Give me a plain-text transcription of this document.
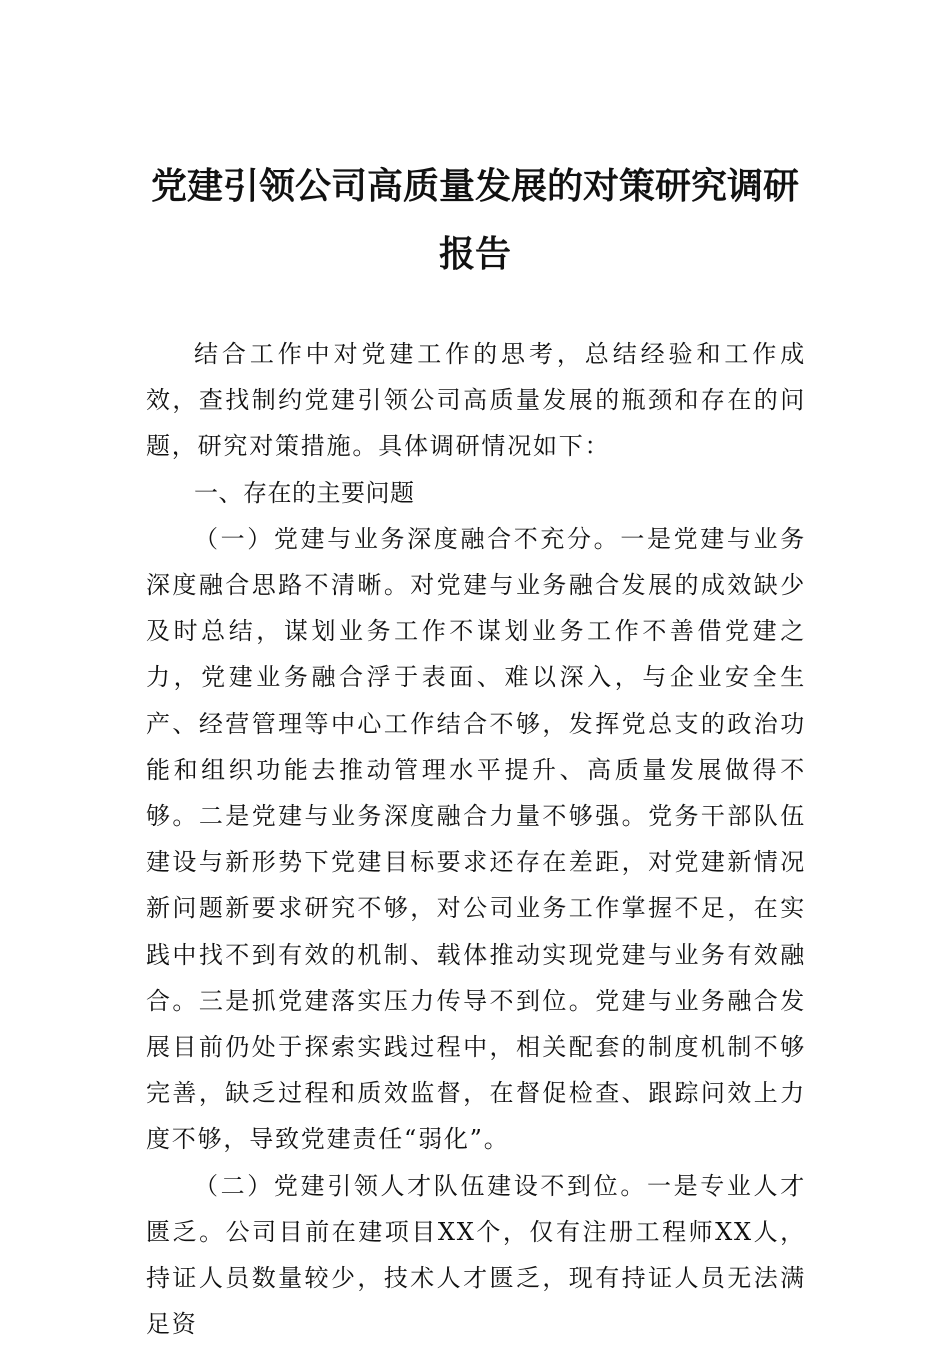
党建引领公司高质量发展的对策研究调研报告

结合工作中对党建工作的思考，总结经验和工作成效，查找制约党建引领公司高质量发展的瓶颈和存在的问题，研究对策措施。具体调研情况如下：

一、存在的主要问题

（一）党建与业务深度融合不充分。一是党建与业务深度融合思路不清晰。对党建与业务融合发展的成效缺少及时总结，谋划业务工作不谋划业务工作不善借党建之力，党建业务融合浮于表面、难以深入，与企业安全生产、经营管理等中心工作结合不够，发挥党总支的政治功能和组织功能去推动管理水平提升、高质量发展做得不够。二是党建与业务深度融合力量不够强。党务干部队伍建设与新形势下党建目标要求还存在差距，对党建新情况新问题新要求研究不够，对公司业务工作掌握不足，在实践中找不到有效的机制、载体推动实现党建与业务有效融合。三是抓党建落实压力传导不到位。党建与业务融合发展目前仍处于探索实践过程中，相关配套的制度机制不够完善，缺乏过程和质效监督，在督促检查、跟踪问效上力度不够，导致党建责任“弱化”。

（二）党建引领人才队伍建设不到位。一是专业人才匮乏。公司目前在建项目XX个，仅有注册工程师XX人，持证人员数量较少，技术人才匮乏，现有持证人员无法满足资
